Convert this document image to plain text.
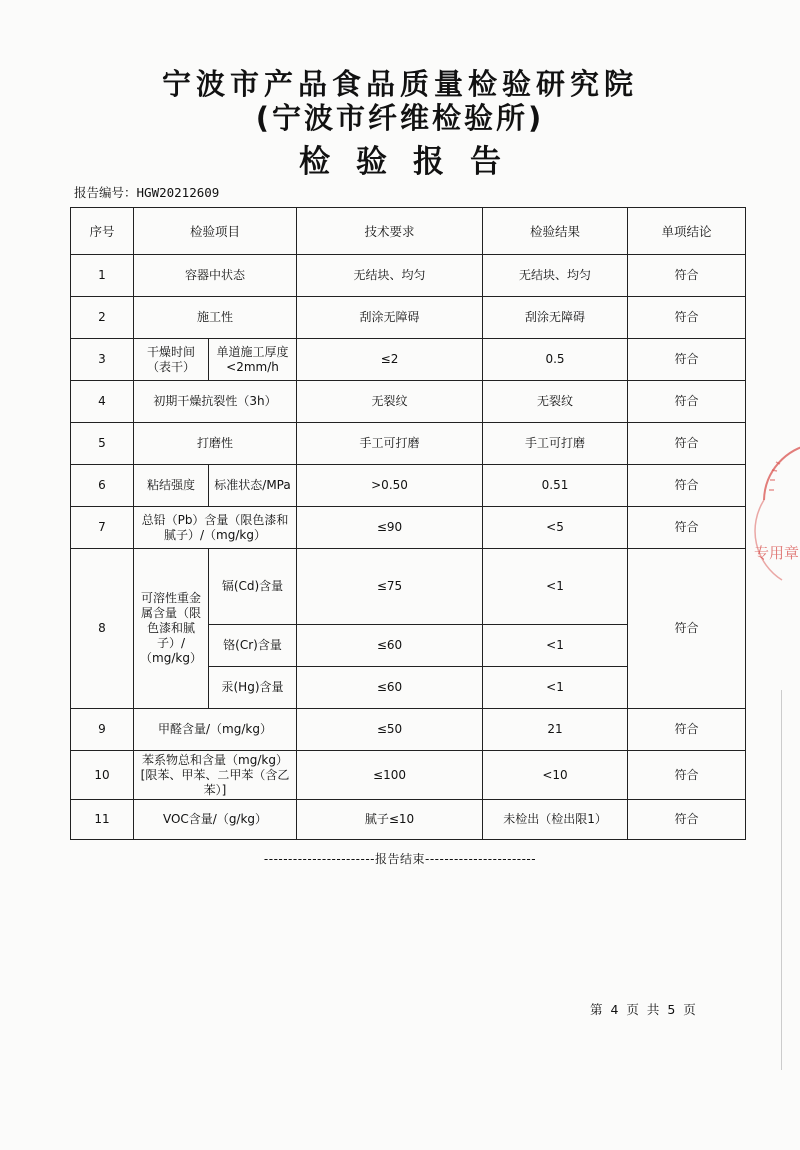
宁波市产品食品质量检验研究院
(宁波市纤维检验所)
检验报告
报告编号：HGW20212609
序号	检验项目		技术要求	检验结果	单项结论
1	容器中状态		无结块、均匀	无结块、均匀	符合
2	施工性		刮涂无障碍	刮涂无障碍	符合
3	干燥时间（表干）	单道施工厚度<2mm/h	≤2	0.5	符合
4	初期干燥抗裂性（3h）		无裂纹	无裂纹	符合
5	打磨性		手工可打磨	手工可打磨	符合
6	粘结强度	标准状态/MPa	>0.50	0.51	符合
7	总铅（Pb）含量（限色漆和腻子）/（mg/kg）		≤90	<5	符合
8	可溶性重金属含量（限色漆和腻子）/（mg/kg）	镉(Cd)含量	≤75	<1	符合
		铬(Cr)含量	≤60	<1	
		汞(Hg)含量	≤60	<1	
9	甲醛含量/（mg/kg）		≤50	21	符合
10	苯系物总和含量（mg/kg）[限苯、甲苯、二甲苯（含乙苯）]		≤100	<10	符合
11	VOC含量/（g/kg）		腻子≤10	未检出（检出限1）	符合
-----------------------报告结束-----------------------
第 4 页 共 5 页
专用章
